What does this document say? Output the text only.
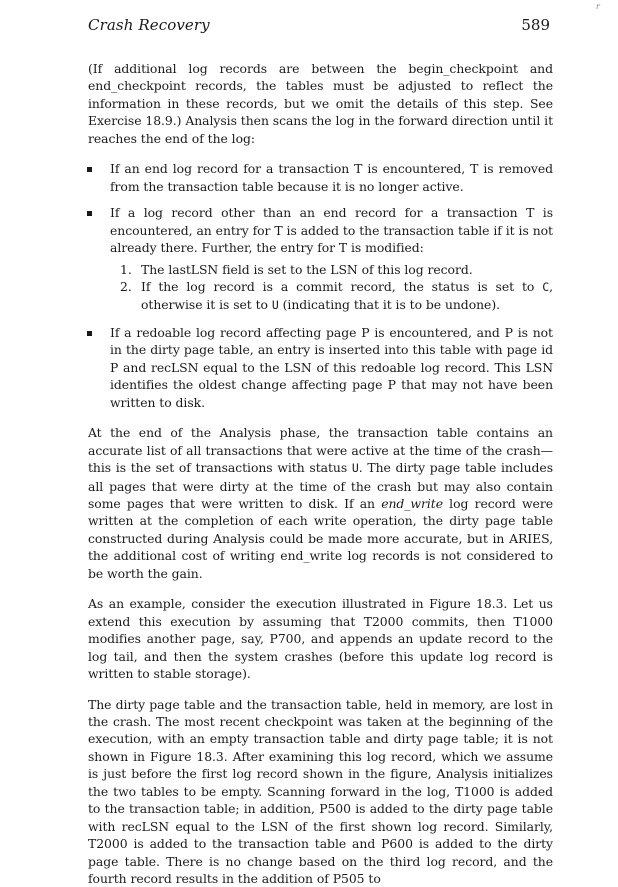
r
Crash Recovery	589

(If additional log records are between the begin_checkpoint and end_checkpoint records, the tables must be adjusted to reflect the information in these records, but we omit the details of this step. See Exercise 18.9.) Analysis then scans the log in the forward direction until it reaches the end of the log:

If an end log record for a transaction T is encountered, T is removed from the transaction table because it is no longer active.
If a log record other than an end record for a transaction T is encountered, an entry for T is added to the transaction table if it is not already there. Further, the entry for T is modified:
1. The lastLSN field is set to the LSN of this log record.
2. If the log record is a commit record, the status is set to C, otherwise it is set to U (indicating that it is to be undone).
If a redoable log record affecting page P is encountered, and P is not in the dirty page table, an entry is inserted into this table with page id P and recLSN equal to the LSN of this redoable log record. This LSN identifies the oldest change affecting page P that may not have been written to disk.

At the end of the Analysis phase, the transaction table contains an accurate list of all transactions that were active at the time of the crash—this is the set of transactions with status U. The dirty page table includes all pages that were dirty at the time of the crash but may also contain some pages that were written to disk. If an end_write log record were written at the completion of each write operation, the dirty page table constructed during Analysis could be made more accurate, but in ARIES, the additional cost of writing end_write log records is not considered to be worth the gain.

As an example, consider the execution illustrated in Figure 18.3. Let us extend this execution by assuming that T2000 commits, then T1000 modifies another page, say, P700, and appends an update record to the log tail, and then the system crashes (before this update log record is written to stable storage).

The dirty page table and the transaction table, held in memory, are lost in the crash. The most recent checkpoint was taken at the beginning of the execution, with an empty transaction table and dirty page table; it is not shown in Figure 18.3. After examining this log record, which we assume is just before the first log record shown in the figure, Analysis initializes the two tables to be empty. Scanning forward in the log, T1000 is added to the transaction table; in addition, P500 is added to the dirty page table with recLSN equal to the LSN of the first shown log record. Similarly, T2000 is added to the transaction table and P600 is added to the dirty page table. There is no change based on the third log record, and the fourth record results in the addition of P505 to
